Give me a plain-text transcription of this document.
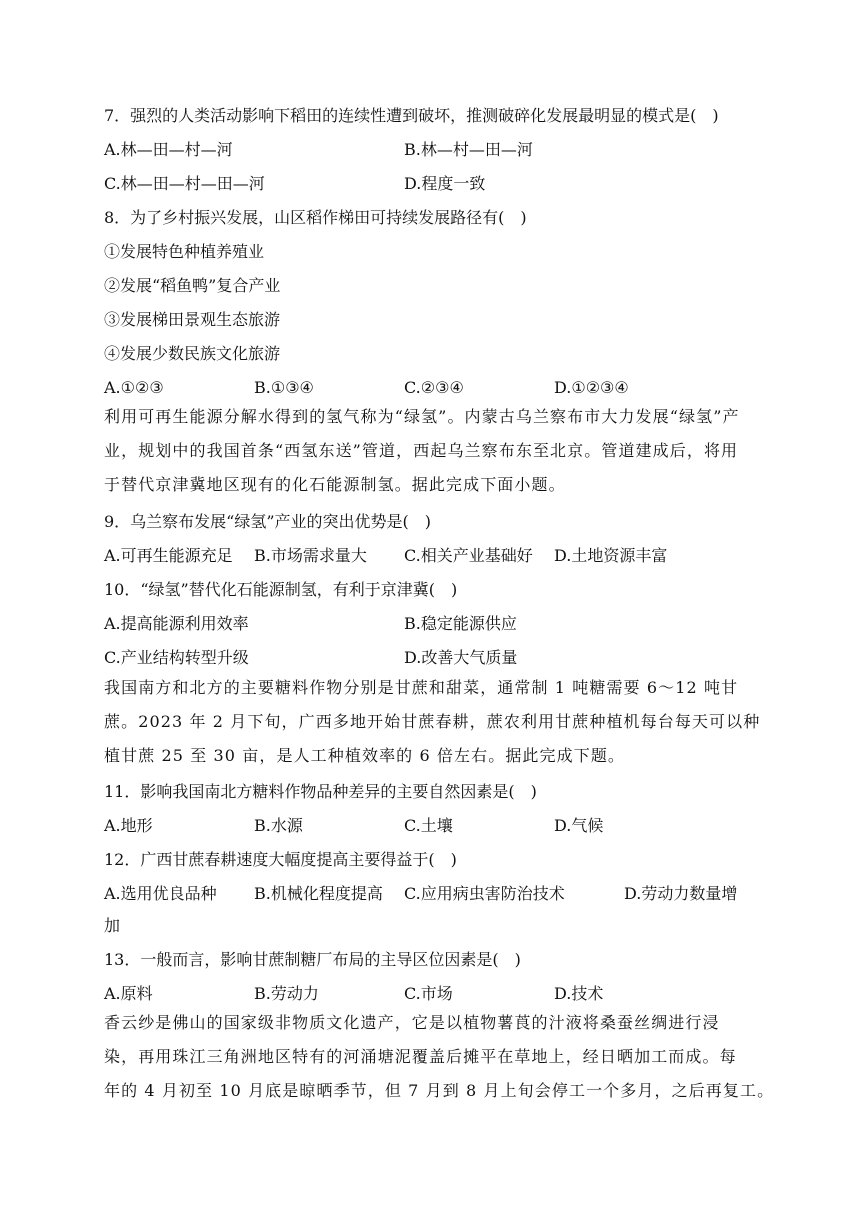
7．强烈的人类活动影响下稻田的连续性遭到破坏，推测破碎化发展最明显的模式是(　)
A.林—田—村—河	B.林—村—田—河
C.林—田—村—田—河	D.程度一致
8．为了乡村振兴发展，山区稻作梯田可持续发展路径有(　)
①发展特色种植养殖业
②发展“稻鱼鸭”复合产业
③发展梯田景观生态旅游
④发展少数民族文化旅游
A.①②③	B.①③④	C.②③④	D.①②③④
利用可再生能源分解水得到的氢气称为“绿氢”。内蒙古乌兰察布市大力发展“绿氢”产
业，规划中的我国首条“西氢东送”管道，西起乌兰察布东至北京。管道建成后，将用
于替代京津冀地区现有的化石能源制氢。据此完成下面小题。
9．乌兰察布发展“绿氢”产业的突出优势是(　)
A.可再生能源充足 B.市场需求量大 C.相关产业基础好 D.土地资源丰富
10．“绿氢”替代化石能源制氢，有利于京津冀(　)
A.提高能源利用效率	B.稳定能源供应
C.产业结构转型升级	D.改善大气质量
我国南方和北方的主要糖料作物分别是甘蔗和甜菜，通常制 1 吨糖需要 6～12 吨甘
蔗。2023 年 2 月下旬，广西多地开始甘蔗春耕，蔗农利用甘蔗种植机每台每天可以种
植甘蔗 25 至 30 亩，是人工种植效率的 6 倍左右。据此完成下题。
11．影响我国南北方糖料作物品种差异的主要自然因素是(　)
A.地形	B.水源	C.土壤	D.气候
12．广西甘蔗春耕速度大幅度提高主要得益于(　)
A.选用优良品种 B.机械化程度提高 C.应用病虫害防治技术	D.劳动力数量增
加
13．一般而言，影响甘蔗制糖厂布局的主导区位因素是(　)
A.原料	B.劳动力	C.市场	D.技术
香云纱是佛山的国家级非物质文化遗产，它是以植物薯莨的汁液将桑蚕丝绸进行浸
染，再用珠江三角洲地区特有的河涌塘泥覆盖后摊平在草地上，经日晒加工而成。每
年的 4 月初至 10 月底是晾晒季节，但 7 月到 8 月上旬会停工一个多月，之后再复工。
